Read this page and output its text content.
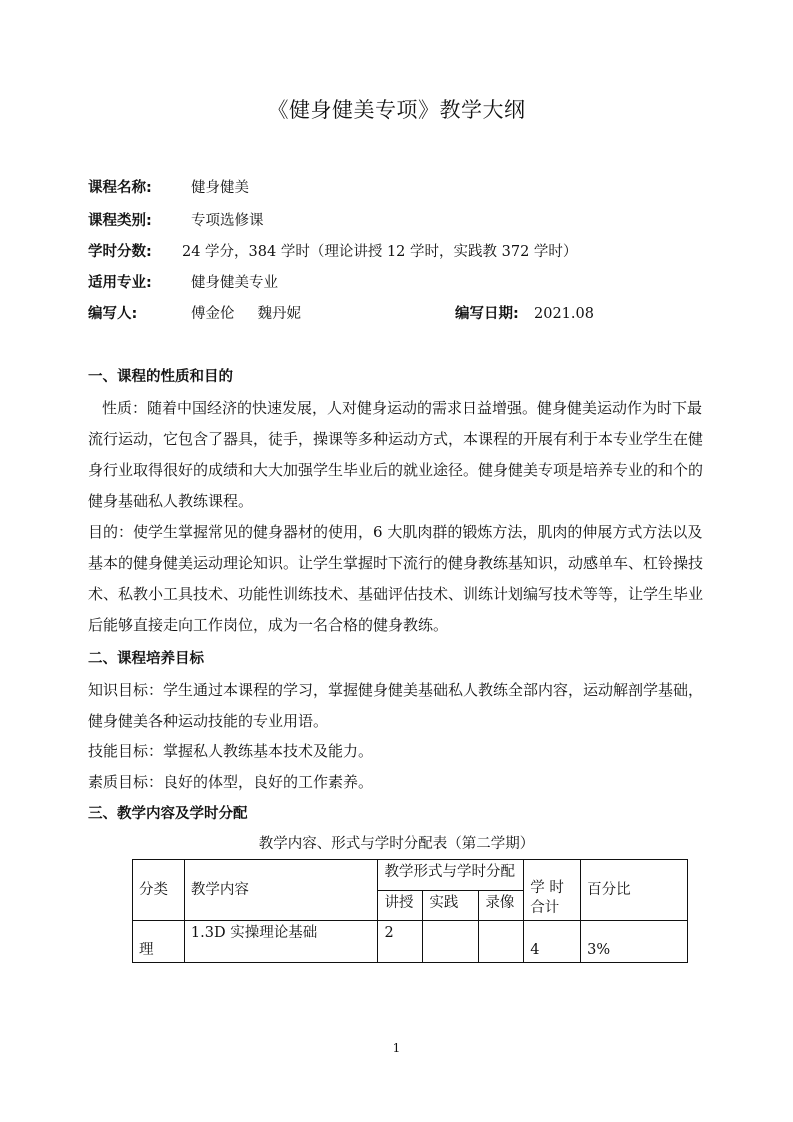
《健身健美专项》教学大纲
课程名称:	健身健美
课程类别:	专项选修课
学时分数: 24 学分，384 学时（理论讲授 12 学时，实践教 372 学时）
适用专业:	健身健美专业
编写人:	傅金伦     魏丹妮	编写日期: 2021.08
一、课程的性质和目的
性质：随着中国经济的快速发展，人对健身运动的需求日益增强。健身健美运动作为时下最流行运动，它包含了器具，徒手，操课等多种运动方式，本课程的开展有利于本专业学生在健身行业取得很好的成绩和大大加强学生毕业后的就业途径。健身健美专项是培养专业的和个的健身基础私人教练课程。
目的：使学生掌握常见的健身器材的使用，6 大肌肉群的锻炼方法，肌肉的伸展方式方法以及基本的健身健美运动理论知识。让学生掌握时下流行的健身教练基知识，动感单车、杠铃操技术、私教小工具技术、功能性训练技术、基础评估技术、训练计划编写技术等等，让学生毕业后能够直接走向工作岗位，成为一名合格的健身教练。
二、课程培养目标
知识目标：学生通过本课程的学习，掌握健身健美基础私人教练全部内容，运动解剖学基础，健身健美各种运动技能的专业用语。
技能目标：掌握私人教练基本技术及能力。
素质目标：良好的体型，良好的工作素养。
三、教学内容及学时分配
教学内容、形式与学时分配表（第二学期）
分类	教学内容	教学形式与学时分配			学 时 合计	百分比
		讲授	实践	录像		
理	1.3D 实操理论基础	2			4	3%
1
